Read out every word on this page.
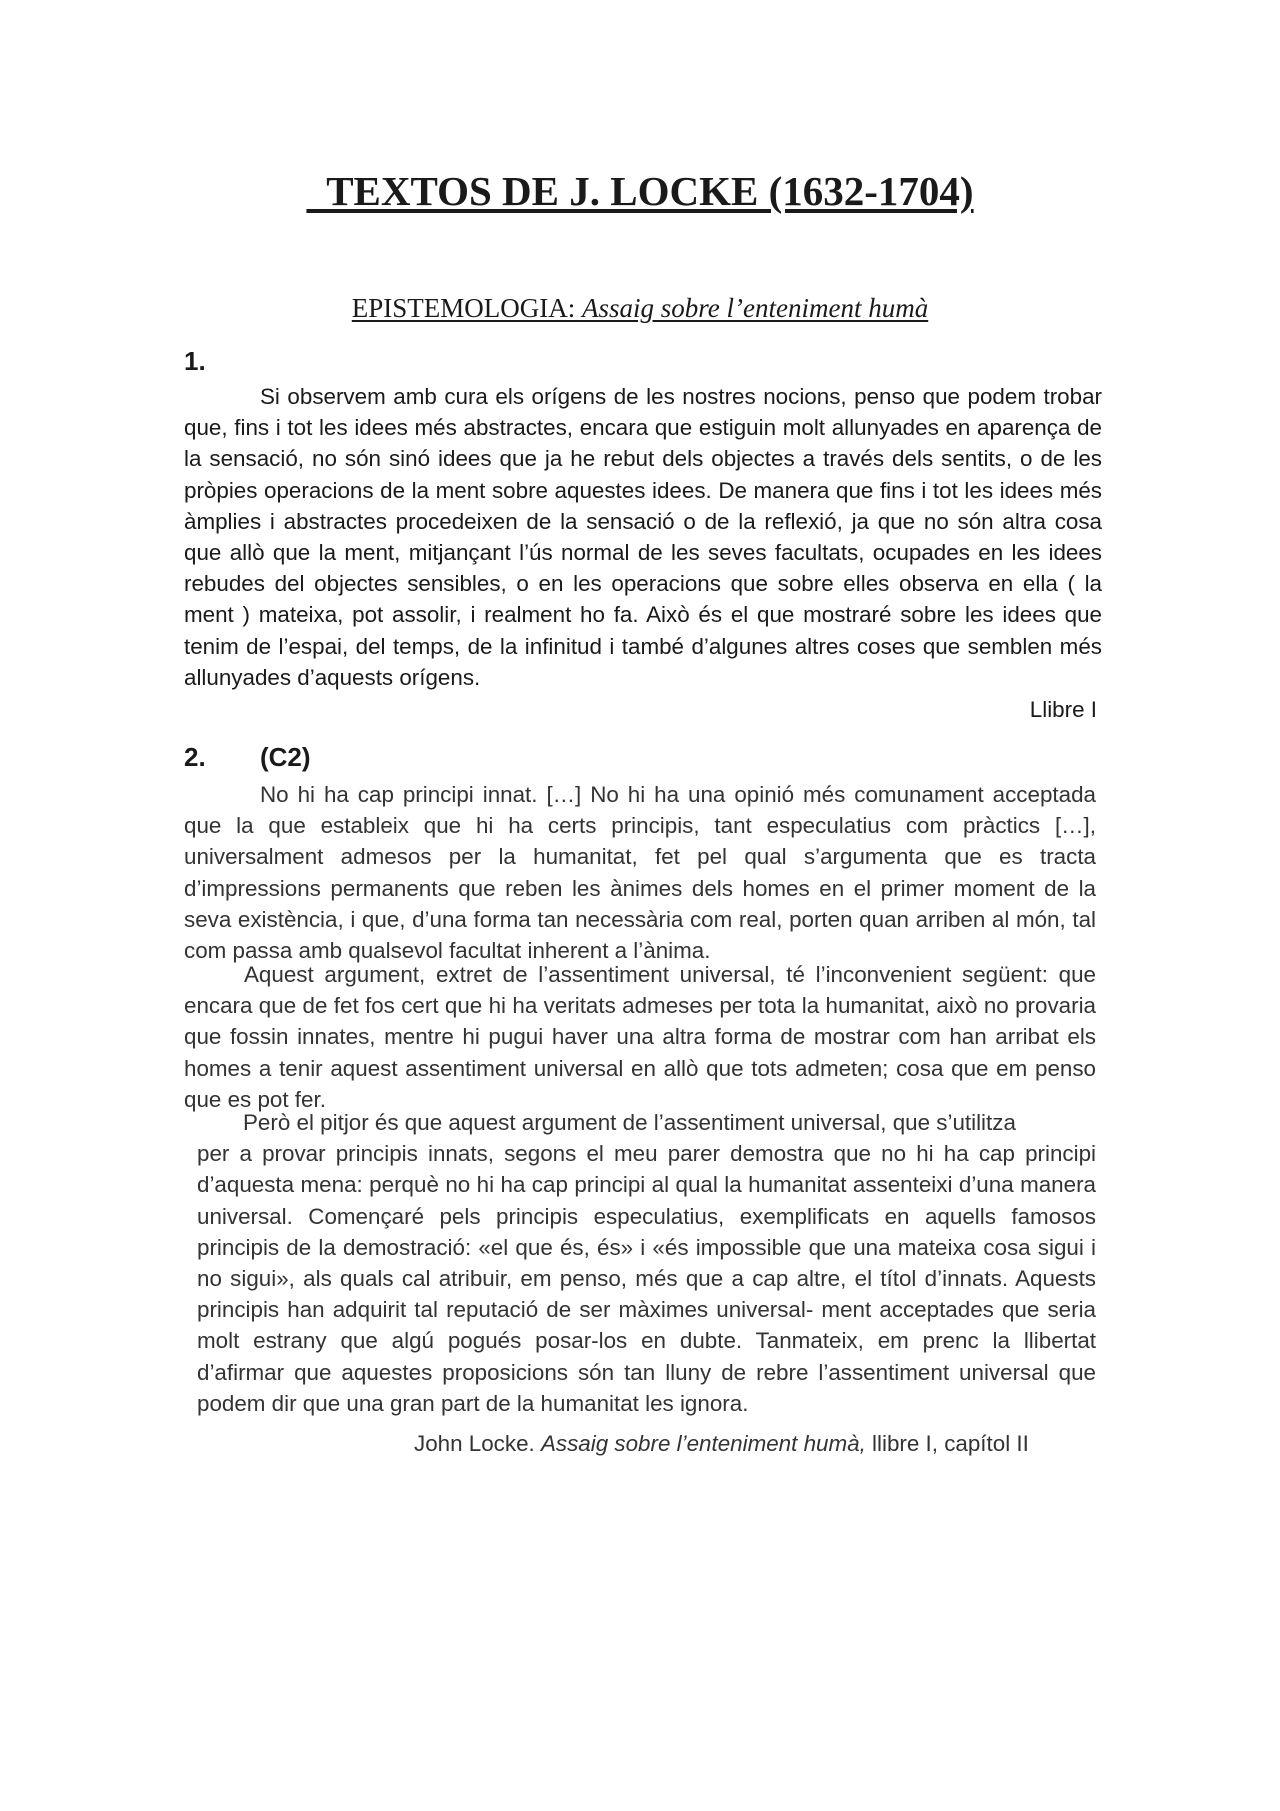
TEXTOS DE J. LOCKE (1632-1704)
EPISTEMOLOGIA: Assaig sobre l’enteniment humà
1.
Si observem amb cura els orígens de les nostres nocions, penso que podem trobar que, fins i tot les idees més abstractes, encara que estiguin molt allunyades en aparença de la sensació, no són sinó idees que ja he rebut dels objectes a través dels sentits, o de les pròpies operacions de la ment sobre aquestes idees. De manera que fins i tot les idees més àmplies i abstractes procedeixen de la sensació o de la reflexió, ja que no són altra cosa que allò que la ment, mitjançant l’ús normal de les seves facultats, ocupades en les idees rebudes del objectes sensibles, o en les operacions que sobre elles observa en ella ( la ment ) mateixa, pot assolir, i realment ho fa. Això és el que mostraré sobre les idees que tenim de l’espai, del temps, de la infinitud i també d’algunes altres coses que semblen més allunyades d’aquests orígens.
Llibre I
2. (C2)
No hi ha cap principi innat. […] No hi ha una opinió més comunament acceptada que la que estableix que hi ha certs principis, tant especulatius com pràctics […], universalment admesos per la humanitat, fet pel qual s’argumenta que es tracta d’impressions permanents que reben les ànimes dels homes en el primer moment de la seva existència, i que, d’una forma tan necessària com real, porten quan arriben al món, tal com passa amb qualsevol facultat inherent a l’ànima.
Aquest argument, extret de l’assentiment universal, té l’inconvenient següent: que encara que de fet fos cert que hi ha veritats admeses per tota la humanitat, això no provaria que fossin innates, mentre hi pugui haver una altra forma de mostrar com han arribat els homes a tenir aquest assentiment universal en allò que tots admeten; cosa que em penso que es pot fer.
Però el pitjor és que aquest argument de l’assentiment universal, que s’utilitza
per a provar principis innats, segons el meu parer demostra que no hi ha cap principi d’aquesta mena: perquè no hi ha cap principi al qual la humanitat assenteixi d’una manera universal. Començaré pels principis especulatius, exemplificats en aquells famosos principis de la demostració: «el que és, és» i «és impossible que una mateixa cosa sigui i no sigui», als quals cal atribuir, em penso, més que a cap altre, el títol d’innats. Aquests principis han adquirit tal reputació de ser màximes universal- ment acceptades que seria molt estrany que algú pogués posar-los en dubte. Tanmateix, em prenc la llibertat d’afirmar que aquestes proposicions són tan lluny de rebre l’assentiment universal que podem dir que una gran part de la humanitat les ignora.
John Locke. Assaig sobre l’enteniment humà, llibre I, capítol II
